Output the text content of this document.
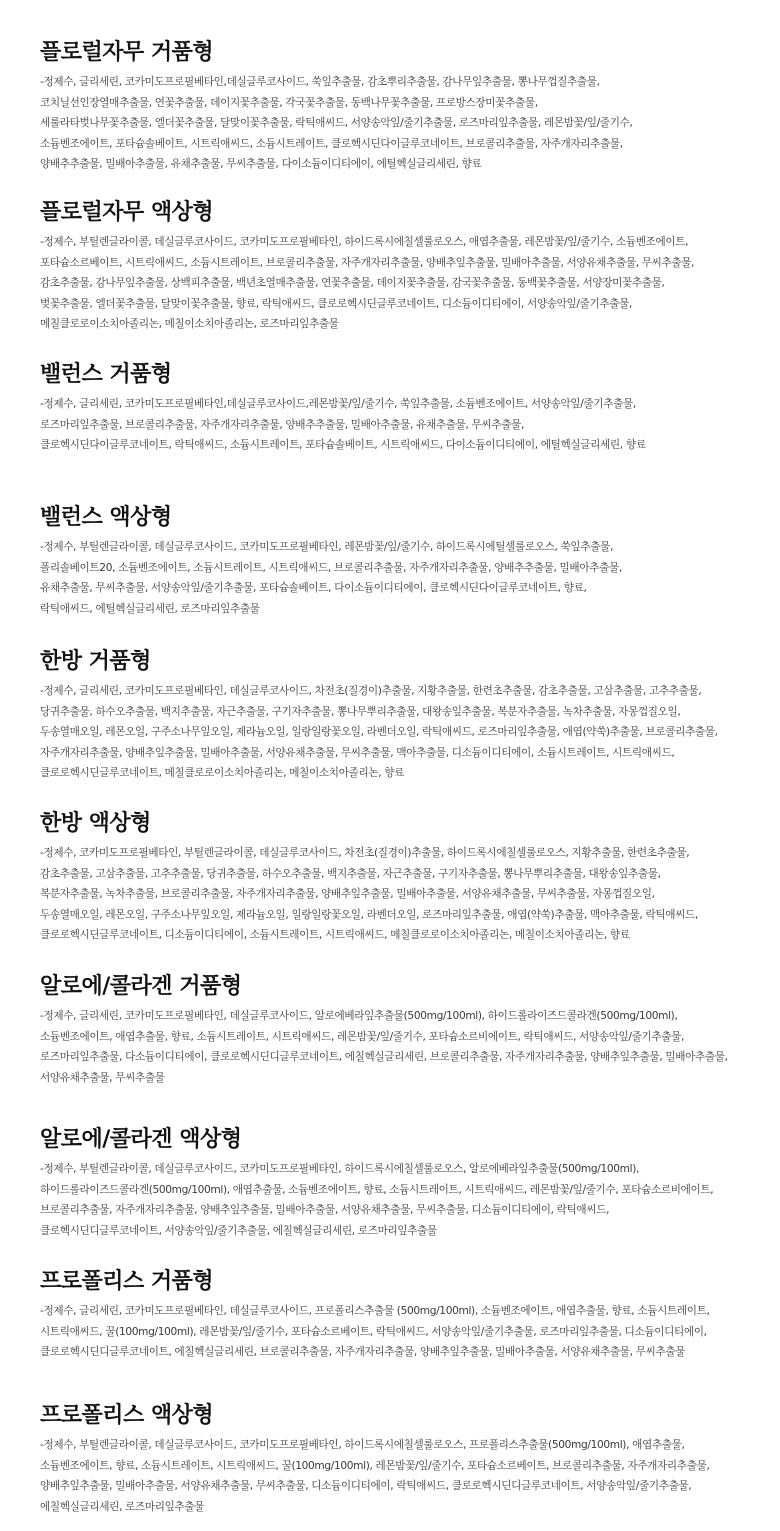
플로럴자무 거품형
-정제수, 글리세린, 코카미도프로필베타인,데실글루코사이드, 쑥잎추출물, 감초뿌리추출물, 감나무잎추출물, 뽕나무껍질추출물,
코치닐선인장열매추출물, 연꽃추출물, 데이지꽃추출물, 각국꽃추출물, 동백나무꽃추출물, 프로방스장미꽃추출물,
세룰라타벚나무꽃추출물, 엘더꽃추출물, 달맞이꽃추출물, 락틱애씨드, 서양송악잎/줄기추출물, 로즈마리잎추출물, 레몬밤꽃/잎/줄기수,
소듐벤조에이트, 포타슘솔베이트, 시트릭애씨드, 소듐시트레이트, 클로헥시딘다이글루코네이트, 브로콜리추출물, 자주개자리추출물,
양배추추출물, 밀배아추출물, 유채추출물, 무씨추출물, 다이소듐이디티에이, 에틸헥실글리세린, 향료
플로럴자무 액상형
-정제수, 부틸렌글라이콜, 데실글루코사이드, 코카미도프로필베타인, 하이드록시에칠셀룰로오스, 애엽추출물, 레몬밤꽃/잎/줄기수, 소듐벤조에이트,
포타슘소르베이트, 시트릭애씨드, 소듐시트레이트, 브로콜리추출물, 자주개자리추출물, 양배추잎추출물, 밀배아추출물, 서양유채추출물, 무씨추출물,
감초추출물, 감나무잎추출물, 상백피추출물, 백년초열매추출물, 연꽃추출물, 데이지꽃추출물, 감국꽃추출물, 동백꽃추출물, 서양장미꽃추출물,
벚꽃추출물, 엘더꽃추출물, 달맞이꽃추출물, 향료, 락틱애씨드, 클로로헥시딘글루코네이트, 디소듐이디티에이, 서양송악잎/줄기추출물,
메칠클로로이소치아졸리논, 메칠이소치아졸리논, 로즈마리잎추출물
밸런스 거품형
-정제수, 글리세린, 코카미도프로필베타인,데실글루코사이드,레몬밤꽃/잎/줄기수, 쑥잎추출물, 소듐벤조에이트, 서양송악잎/줄기추출물,
로즈마리잎추출물, 브로콜리추출물, 자주개자리추출물, 양배추추출물, 밀배아추출물, 유채추출물, 무씨추출물,
클로헥시딘다이글루코네이트, 락틱애씨드, 소듐시트레이트, 포타슘솔베이트, 시트릭애씨드, 다이소듐이디티에이, 에틸헥실글리세린, 향료
밸런스 액상형
-정제수, 부틸렌글라이콜, 데실글루코사이드, 코카미도프로필베타인, 레몬밤꽃/잎/줄기수, 하이드록시에틸셀룰로오스, 쑥잎추출물,
폴리솔베이트20, 소듐벤조에이트, 소듐시트레이트, 시트릭애씨드, 브로콜리추출물, 자주개자리추출물, 양배추추출물, 밀배아추출물,
유채추출물, 무씨추출물, 서양송악잎/줄기추출물, 포타슘솔베이트, 다이소듐이디티에이, 클로헥시딘다이글루코네이트, 향료,
락틱애씨드, 에틸헥실글리세린, 로즈마리잎추출물
한방 거품형
-정제수, 글리세린, 코카미도프로필베타인, 데실글루코사이드, 차전초(질경이)추출물, 지황추출물, 한련초추출물, 감초추출물, 고삼추출물, 고추추출물,
당귀추출물, 하수오추출물, 백지추출물, 자근추출물, 구기자추출물, 뽕나무뿌리추출물, 대왕송잎추출물, 복분자추출물, 녹차추출물, 자몽껍질오일,
두송열매오일, 레몬오일, 구주소나무잎오일, 제라늄오일, 일랑일랑꽃오일, 라벤더오일, 락틱애씨드, 로즈마리잎추출물, 애엽(약쑥)추출물, 브로콜리추출물,
자주개자리추출물, 양배추잎추출물, 밀배아추출물, 서양유채추출물, 무씨추출물, 맥아추출물, 디소듐이디티에이, 소듐시트레이트, 시트릭애씨드,
클로로헥시딘글루코네이트, 메칠클로로이소치아졸리논, 메칠이소치아졸리논, 향료
한방 액상형
-정제수, 코카미도프로필베타인, 부틸렌글라이콜, 데실글루코사이드, 차전초(질경이)추출물, 하이드록시에칠셀룰로오스, 지황추출물, 한련초추출물,
감초추출물, 고삼추출물, 고추추출물, 당귀추출물, 하수오추출물, 백지추출물, 자근추출물, 구기자추출물, 뽕나무뿌리추출물, 대왕송잎추출물,
복분자추출물, 녹차추출물, 브로콜리추출물, 자주개자리추출물, 양배추잎추출물, 밀배아추출물, 서양유채추출물, 무씨추출물, 자몽껍질오일,
두송열매오일, 레몬오일, 구주소나무잎오일, 제라늄오일, 일랑일랑꽃오일, 라벤더오일, 로즈마리잎추출물, 애엽(약쑥)추출물, 맥아추출물, 락틱애씨드,
클로로헥시딘글루코네이트, 디소듐이디티에이, 소듐시트레이트, 시트릭애씨드, 메칠클로로이소치아졸리논, 메칠이소치아졸리논, 향료
알로에/콜라겐 거품형
-정제수, 글리세린, 코카미도프로필베타인, 데실글루코사이드, 알로에베라잎추출물(500mg/100ml), 하이드롤라이즈드콜라겐(500mg/100ml),
소듐벤조에이트, 애엽추출물, 향료, 소듐시트레이트, 시트릭애씨드, 레몬밤꽃/잎/줄기수, 포타슘소르비에이트, 락틱애씨드, 서양송악잎/줄기추출물,
로즈마리잎추출물, 다소듐이디티에이, 클로로헥시딘디글루코네이트, 에칠헥실글리세린, 브로콜리추출물, 자주개자리추출물, 양배추잎추출물, 밀배아추출물,
서양유채추출물, 무씨추출물
알로에/콜라겐 액상형
-정제수, 부틸렌글라이콜, 데실글루코사이드, 코카미도프로필베타인, 하이드록시에칠셀룰로오스, 알로에베라잎추출물(500mg/100ml),
하이드롤라이즈드콜라겐(500mg/100ml), 애엽추출물, 소듐벤조에이트, 향료, 소듐시트레이트, 시트릭애씨드, 레몬밤꽃/잎/줄기수, 포타슘소르비에이트,
브로콜리추출물, 자주개자리추출물, 양배추잎추출물, 밀배아추출물, 서양유채추출물, 무씨추출물, 디소듐이디티에이, 락틱애씨드,
클로헥시딘디글루코네이트, 서양송악잎/줄기추출물, 에칠헥실글리세린, 로즈마리잎추출물
프로폴리스 거품형
-정제수, 글리세린, 코카미도프로필베타인, 데실글루코사이드, 프로폴리스추출물 (500mg/100ml), 소듐벤조에이트, 애엽추출물, 향료, 소듐시트레이트,
시트릭애씨드, 꿀(100mg/100ml), 레몬밤꽃/잎/줄기수, 포타슘소르베이트, 락틱애씨드, 서양송악잎/줄기추출물, 로즈마리잎추출물, 디소듐이디티에이,
클로로헥시딘디글루코네이트, 에칠헥실글리세린, 브로콜리추출물, 자주개자리추출물, 양배추잎추출물, 밀배아추출물, 서양유채추출물, 무씨추출물
프로폴리스 액상형
-정제수, 부틸렌글라이콜, 데실글루코사이드, 코카미도프로필베타인, 하이드록시에칠셀룰로오스, 프로폴리스추출물(500mg/100ml), 애엽추출물,
소듐벤조에이트, 향료, 소듐시트레이트, 시트릭애씨드, 꿀(100mg/100ml), 레몬밤꽃/잎/줄기수, 포타슘소르베이트, 브로콜리추출물, 자주개자리추출물,
양배추잎추출물, 밀배아추출물, 서양유채추출물, 무씨추출물, 디소듐이디티에이, 락틱애씨드, 클로로헥시딘디글루코네이트, 서양송악잎/줄기추출물,
에칠헥실글리세린, 로즈마리잎추출물
